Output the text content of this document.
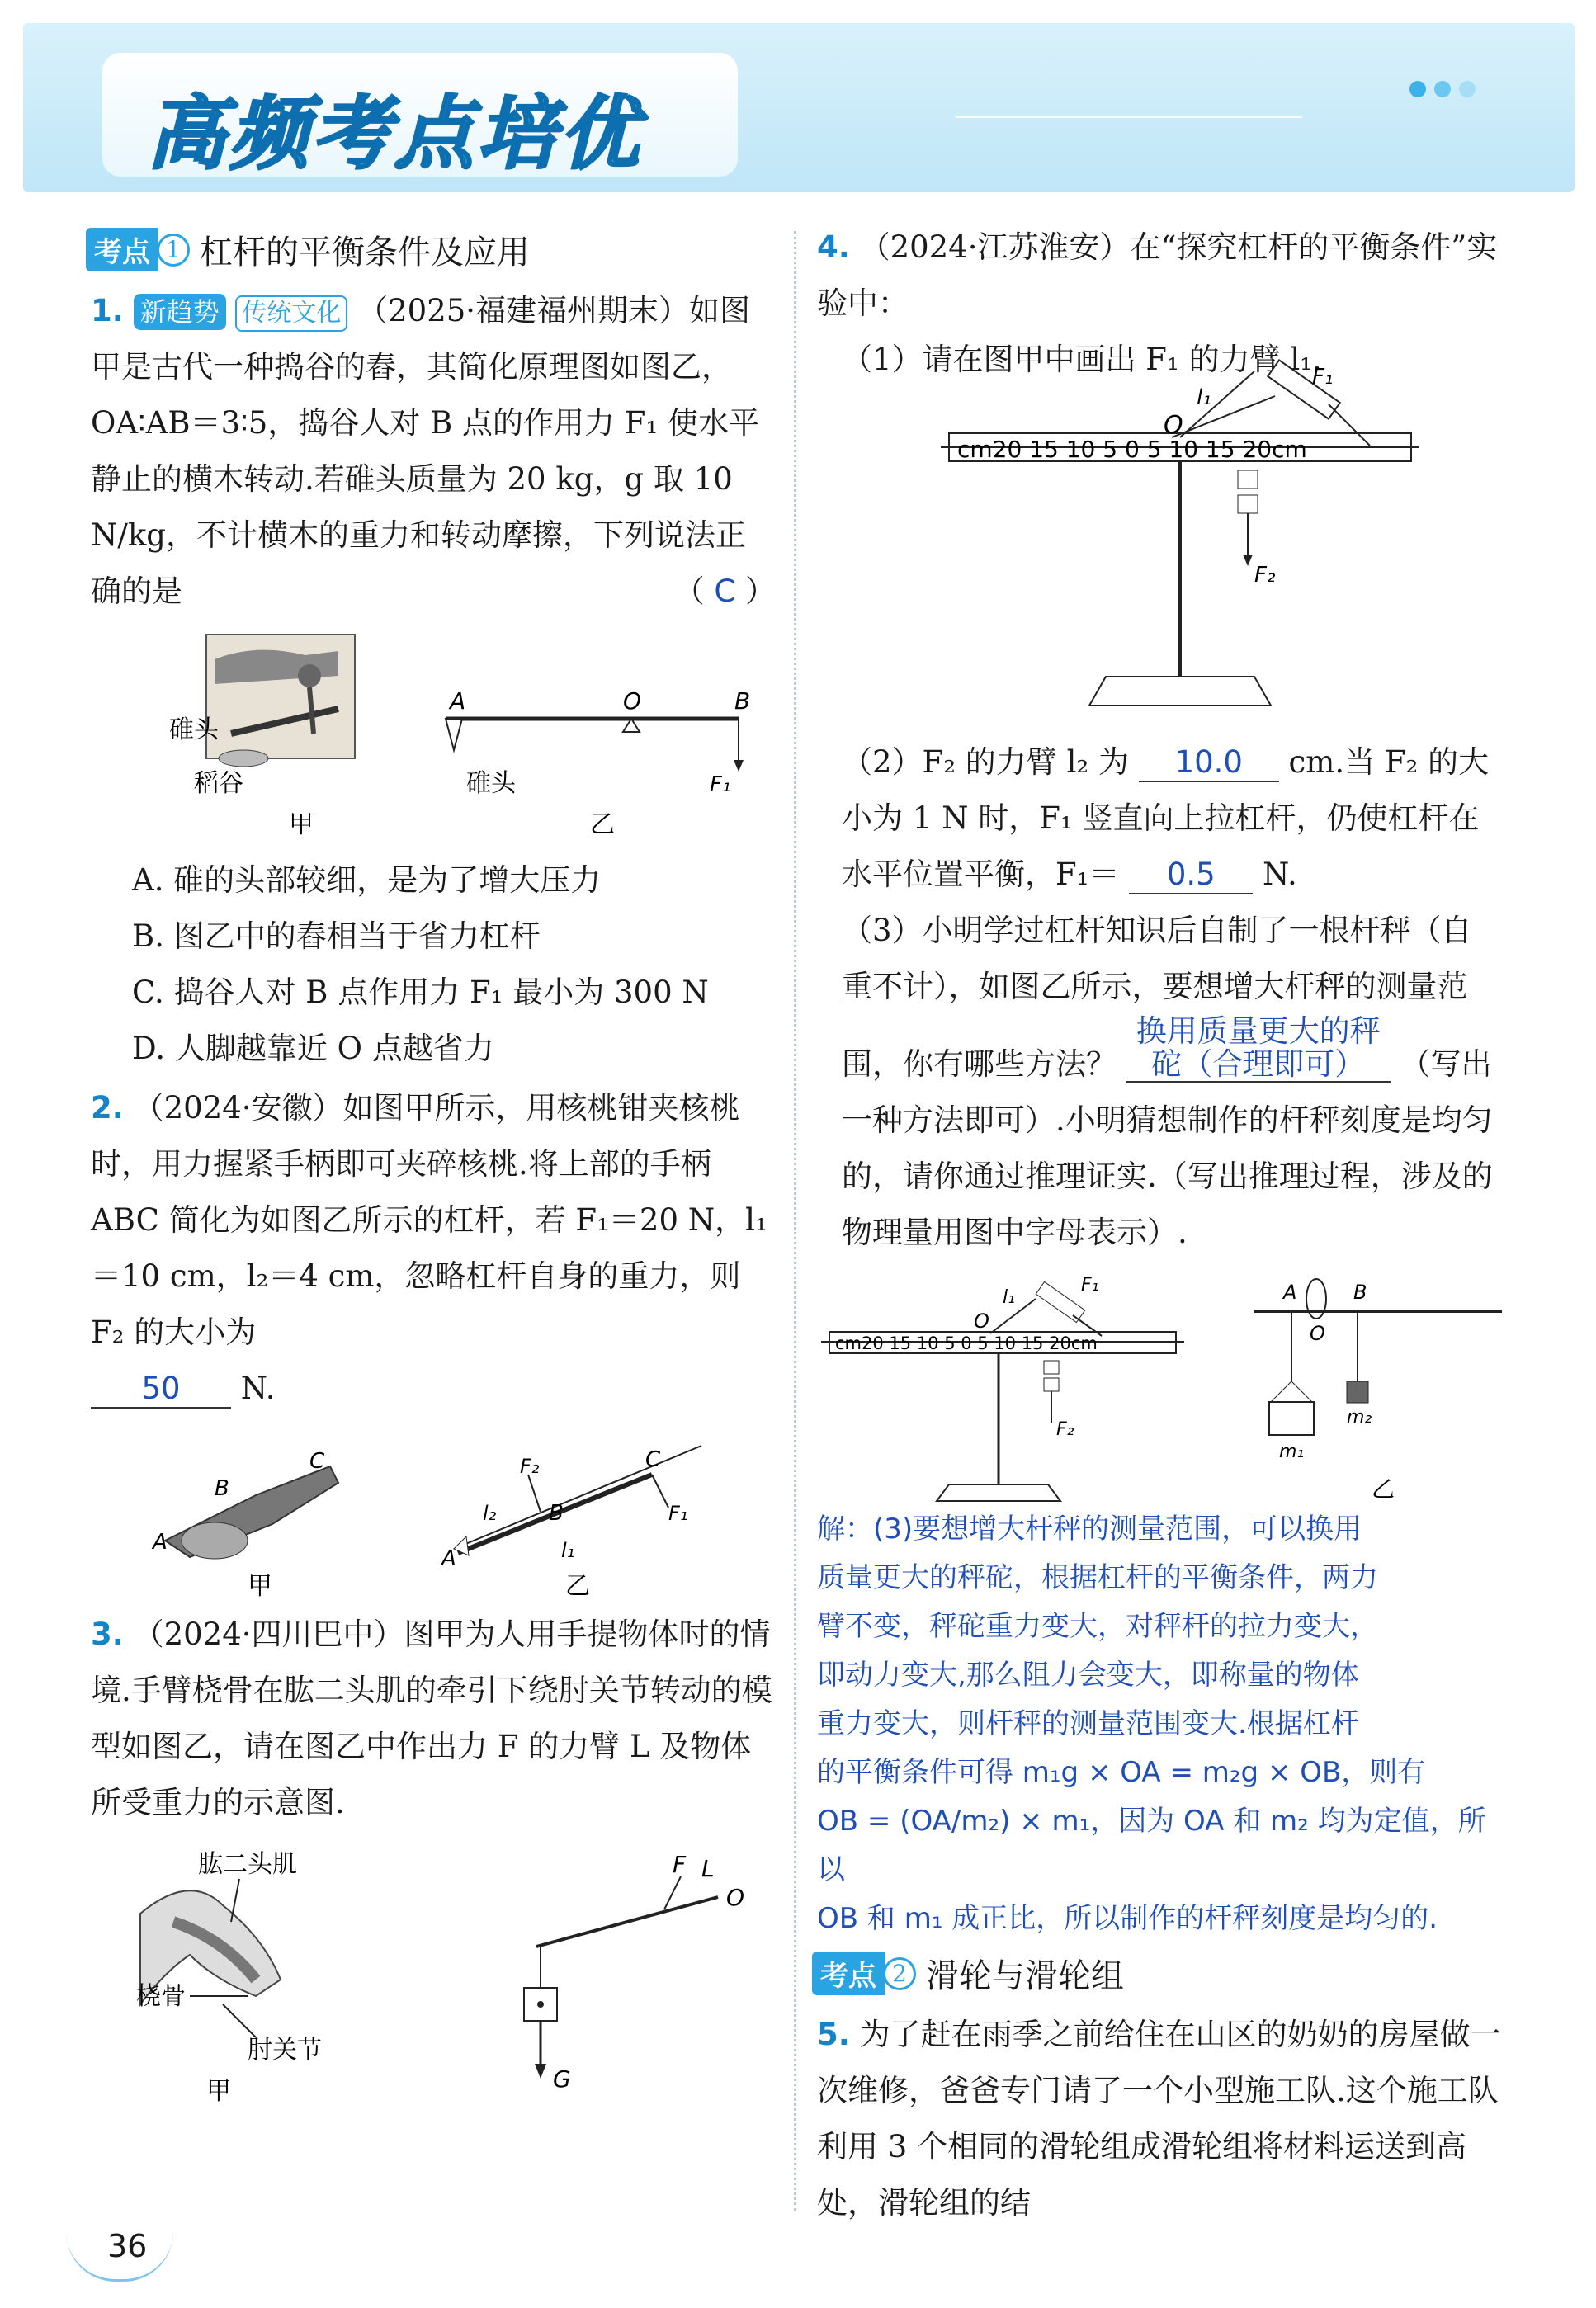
高频考点培优
考点 1 杠杆的平衡条件及应用
1. 新趋势 传统文化 （2025·福建福州期末）如图甲是古代一种捣谷的舂，其简化原理图如图乙，OA∶AB＝3∶5，捣谷人对 B 点的作用力 F₁ 使水平静止的横木转动.若碓头质量为 20 kg，g 取 10 N/kg，不计横木的重力和转动摩擦，下列说法正确的是	（ C ）
碓头
稻谷
甲
A	O	B
F₁
碓头
乙
A. 碓的头部较细，是为了增大压力
B. 图乙中的舂相当于省力杠杆
C. 捣谷人对 B 点作用力 F₁ 最小为 300 N
D. 人脚越靠近 O 点越省力
2. （2024·安徽）如图甲所示，用核桃钳夹核桃时，用力握紧手柄即可夹碎核桃.将上部的手柄 ABC 简化为如图乙所示的杠杆，若 F₁＝20 N，l₁＝10 cm，l₂＝4 cm，忽略杠杆自身的重力，则 F₂ 的大小为
50 N.
A
B
C
甲
A
B
C
F₂
F₁
l₂
l₁
乙
3. （2024·四川巴中）图甲为人用手提物体时的情境.手臂桡骨在肱二头肌的牵引下绕肘关节转动的模型如图乙，请在图乙中作出力 F 的力臂 L 及物体所受重力的示意图.
肱二头肌
桡骨
肘关节
甲	G
F L
O
4. （2024·江苏淮安）在“探究杠杆的平衡条件”实验中：
（1）请在图甲中画出 F₁ 的力臂 l₁.
cm20 15 10 5 0 5 10 15 20cm
O
l₁
F₁
F₂
（2）F₂ 的力臂 l₂ 为 10.0 cm.当 F₂ 的大小为 1 N 时，F₁ 竖直向上拉杠杆，仍使杠杆在水平位置平衡，F₁＝ 0.5 N.
（3）小明学过杠杆知识后自制了一根杆秤（自重不计），如图乙所示，要想增大杆秤的测量范围，你有哪些方法？ 换用质量更大的秤砣（合理即可） （写出一种方法即可）.小明猜想制作的杆秤刻度是均匀的，请你通过推理证实.（写出推理过程，涉及的物理量用图中字母表示）.
cm20 15 10 5 0 5 10 15 20cm
O
l₁
F₁
F₂
A	B
O
m₁
m₂
乙
解：(3)要想增大杆秤的测量范围，可以换用
质量更大的秤砣，根据杠杆的平衡条件，两力
臂不变，秤砣重力变大，对秤杆的拉力变大，
即动力变大,那么阻力会变大，即称量的物体
重力变大，则杆秤的测量范围变大.根据杠杆
的平衡条件可得 m₁g × OA = m₂g × OB，则有
OB = (OA/m₂) × m₁，因为 OA 和 m₂ 均为定值，所以
OB 和 m₁ 成正比，所以制作的杆秤刻度是均匀的.
考点 2 滑轮与滑轮组
5. 为了赶在雨季之前给住在山区的奶奶的房屋做一次维修，爸爸专门请了一个小型施工队.这个施工队利用 3 个相同的滑轮组成滑轮组将材料运送到高处，滑轮组的结
36
